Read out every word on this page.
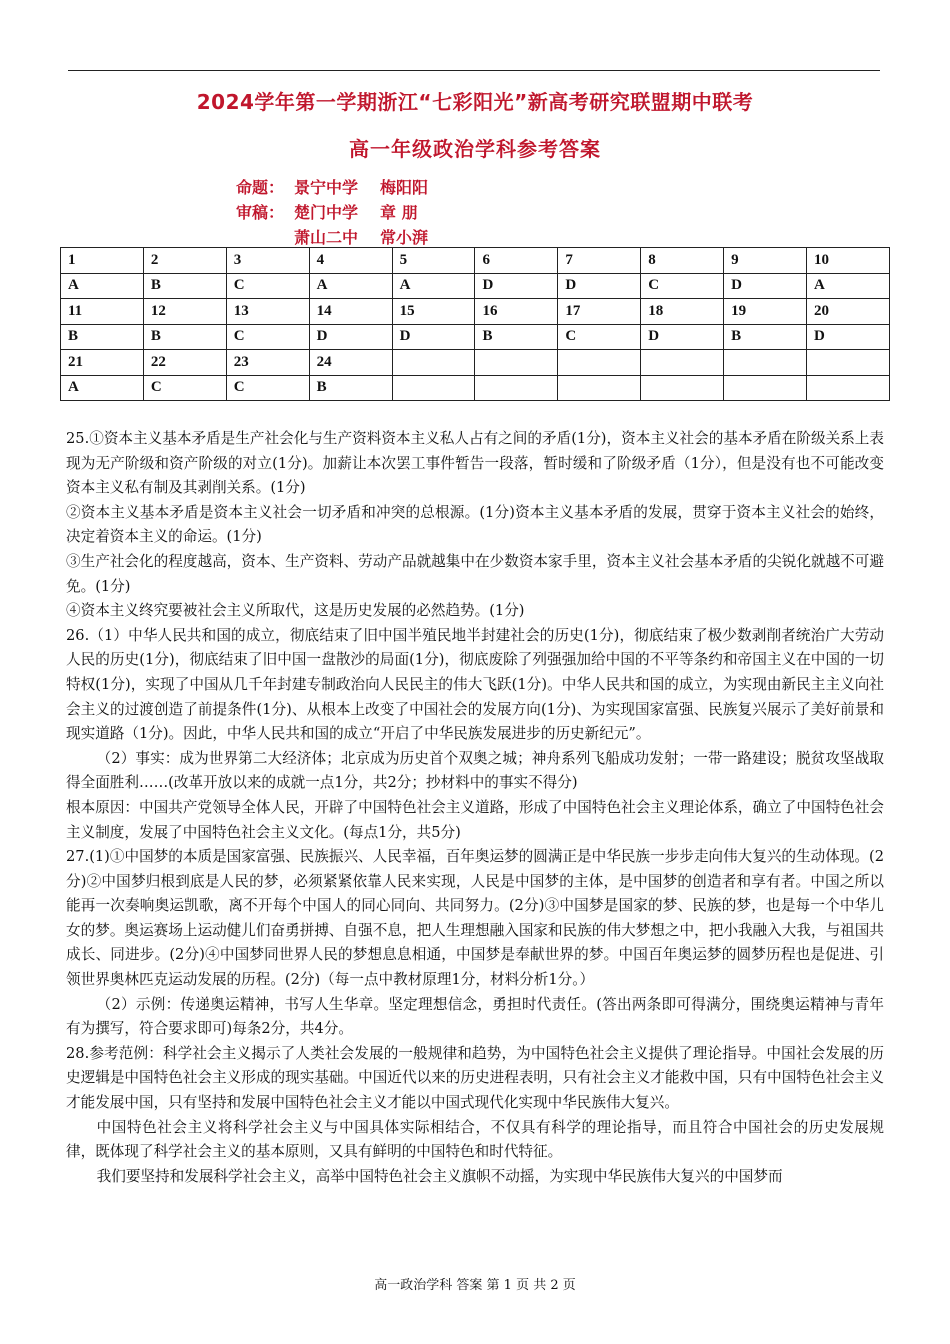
2024学年第一学期浙江“七彩阳光”新高考研究联盟期中联考
高一年级政治学科参考答案
命题： 景宁中学 梅阳阳
审稿： 楚门中学 章 朋
萧山二中 常小湃
1	2	3	4	5	6	7	8	9	10
A	B	C	A	A	D	D	C	D	A
11	12	13	14	15	16	17	18	19	20
B	B	C	D	D	B	C	D	B	D
21	22	23	24						
A	C	C	B						

25.①资本主义基本矛盾是生产社会化与生产资料资本主义私人占有之间的矛盾(1分)，资本主义社会的基本矛盾在阶级关系上表现为无产阶级和资产阶级的对立(1分)。加薪让本次罢工事件暂告一段落，暂时缓和了阶级矛盾（1分），但是没有也不可能改变资本主义私有制及其剥削关系。(1分)

②资本主义基本矛盾是资本主义社会一切矛盾和冲突的总根源。(1分)资本主义基本矛盾的发展，贯穿于资本主义社会的始终，决定着资本主义的命运。(1分)

③生产社会化的程度越高，资本、生产资料、劳动产品就越集中在少数资本家手里，资本主义社会基本矛盾的尖锐化就越不可避免。(1分)

④资本主义终究要被社会主义所取代，这是历史发展的必然趋势。(1分)

26.（1）中华人民共和国的成立，彻底结束了旧中国半殖民地半封建社会的历史(1分)，彻底结束了极少数剥削者统治广大劳动人民的历史(1分)，彻底结束了旧中国一盘散沙的局面(1分)，彻底废除了列强强加给中国的不平等条约和帝国主义在中国的一切特权(1分)，实现了中国从几千年封建专制政治向人民民主的伟大飞跃(1分)。中华人民共和国的成立，为实现由新民主主义向社会主义的过渡创造了前提条件(1分)、从根本上改变了中国社会的发展方向(1分)、为实现国家富强、民族复兴展示了美好前景和现实道路（1分)。因此，中华人民共和国的成立“开启了中华民族发展进步的历史新纪元”。

（2）事实：成为世界第二大经济体；北京成为历史首个双奥之城；神舟系列飞船成功发射；一带一路建设；脱贫攻坚战取得全面胜利……(改革开放以来的成就一点1分，共2分；抄材料中的事实不得分)

根本原因：中国共产党领导全体人民，开辟了中国特色社会主义道路，形成了中国特色社会主义理论体系，确立了中国特色社会主义制度，发展了中国特色社会主义文化。(每点1分，共5分)

27.(1)①中国梦的本质是国家富强、民族振兴、人民幸福，百年奥运梦的圆满正是中华民族一步步走向伟大复兴的生动体现。(2分)②中国梦归根到底是人民的梦，必须紧紧依靠人民来实现，人民是中国梦的主体，是中国梦的创造者和享有者。中国之所以能再一次奏响奥运凯歌，离不开每个中国人的同心同向、共同努力。(2分)③中国梦是国家的梦、民族的梦，也是每一个中华儿女的梦。奥运赛场上运动健儿们奋勇拼搏、自强不息，把人生理想融入国家和民族的伟大梦想之中，把小我融入大我，与祖国共成长、同进步。(2分)④中国梦同世界人民的梦想息息相通，中国梦是奉献世界的梦。中国百年奥运梦的圆梦历程也是促进、引领世界奥林匹克运动发展的历程。(2分)（每一点中教材原理1分，材料分析1分。）

（2）示例：传递奥运精神，书写人生华章。坚定理想信念，勇担时代责任。(答出两条即可得满分，围绕奥运精神与青年有为撰写，符合要求即可)每条2分，共4分。

28.参考范例：科学社会主义揭示了人类社会发展的一般规律和趋势，为中国特色社会主义提供了理论指导。中国社会发展的历史逻辑是中国特色社会主义形成的现实基础。中国近代以来的历史进程表明，只有社会主义才能救中国，只有中国特色社会主义才能发展中国，只有坚持和发展中国特色社会主义才能以中国式现代化实现中华民族伟大复兴。

中国特色社会主义将科学社会主义与中国具体实际相结合，不仅具有科学的理论指导，而且符合中国社会的历史发展规律，既体现了科学社会主义的基本原则，又具有鲜明的中国特色和时代特征。

我们要坚持和发展科学社会主义，高举中国特色社会主义旗帜不动摇，为实现中华民族伟大复兴的中国梦而

高一政治学科 答案 第 1 页 共 2 页
